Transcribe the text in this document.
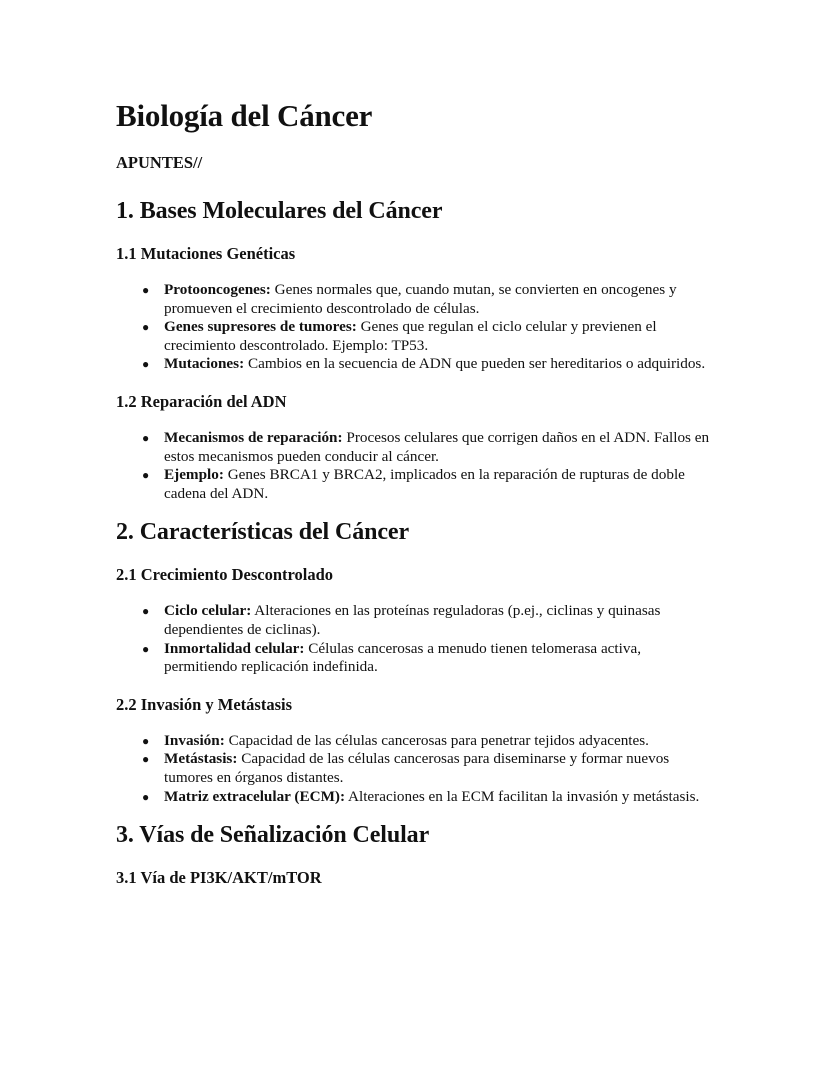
Biología del Cáncer
APUNTES//
1. Bases Moleculares del Cáncer
1.1 Mutaciones Genéticas
● Protooncogenes: Genes normales que, cuando mutan, se convierten en oncogenes y promueven el crecimiento descontrolado de células.
● Genes supresores de tumores: Genes que regulan el ciclo celular y previenen el crecimiento descontrolado. Ejemplo: TP53.
● Mutaciones: Cambios en la secuencia de ADN que pueden ser hereditarios o adquiridos.
1.2 Reparación del ADN
● Mecanismos de reparación: Procesos celulares que corrigen daños en el ADN. Fallos en estos mecanismos pueden conducir al cáncer.
● Ejemplo: Genes BRCA1 y BRCA2, implicados en la reparación de rupturas de doble cadena del ADN.
2. Características del Cáncer
2.1 Crecimiento Descontrolado
● Ciclo celular: Alteraciones en las proteínas reguladoras (p.ej., ciclinas y quinasas dependientes de ciclinas).
● Inmortalidad celular: Células cancerosas a menudo tienen telomerasa activa, permitiendo replicación indefinida.
2.2 Invasión y Metástasis
● Invasión: Capacidad de las células cancerosas para penetrar tejidos adyacentes.
● Metástasis: Capacidad de las células cancerosas para diseminarse y formar nuevos tumores en órganos distantes.
● Matriz extracelular (ECM): Alteraciones en la ECM facilitan la invasión y metástasis.
3. Vías de Señalización Celular
3.1 Vía de PI3K/AKT/mTOR
